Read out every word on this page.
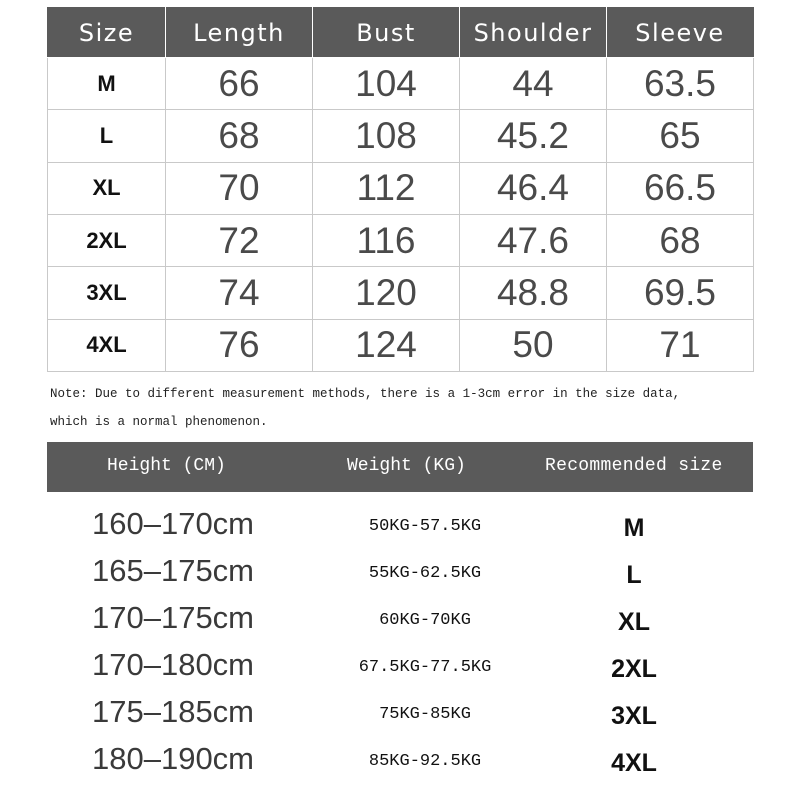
Size	Length	Bust	Shoulder	Sleeve
M	66	104	44	63.5
L	68	108	45.2	65
XL	70	112	46.4	66.5
2XL	72	116	47.6	68
3XL	74	120	48.8	69.5
4XL	76	124	50	71
Note: Due to different measurement methods, there is a 1-3cm error in the size data,
which is a normal phenomenon.
Height (CM)	Weight (KG)	Recommended size
160–170cm	50KG-57.5KG	M
165–175cm	55KG-62.5KG	L
170–175cm	60KG-70KG	XL
170–180cm	67.5KG-77.5KG	2XL
175–185cm	75KG-85KG	3XL
180–190cm	85KG-92.5KG	4XL
